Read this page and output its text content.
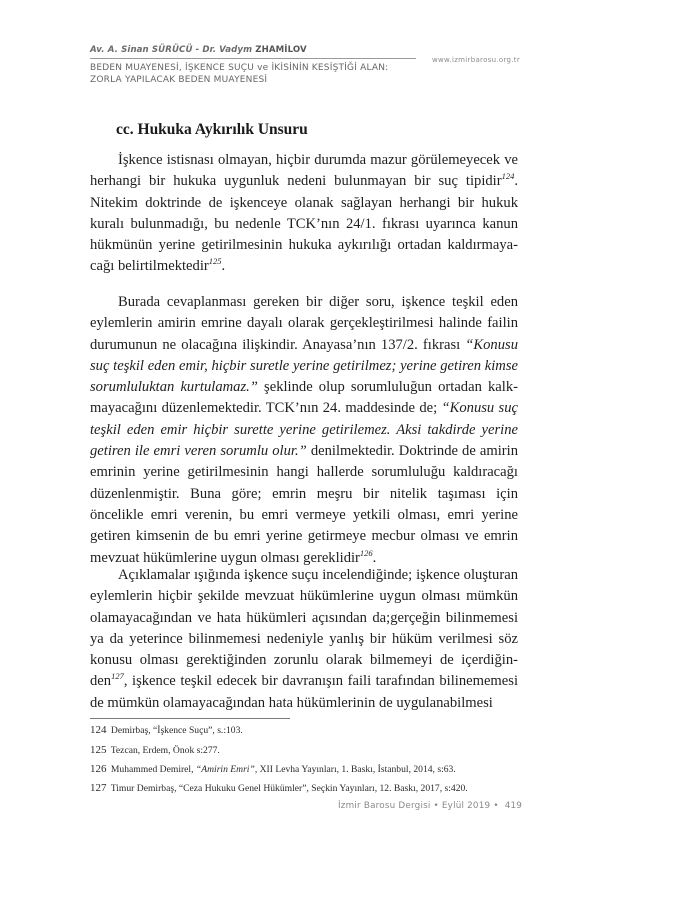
Av. A. Sinan SÜRÜCÜ - Dr. Vadym ZHAMİLOV
www.izmirbarosu.org.tr
BEDEN MUAYENESİ, İŞKENCE SUÇU ve İKİSİNİN KESİŞTİĞİ ALAN:
ZORLA YAPILACAK BEDEN MUAYENESİ
cc. Hukuka Aykırılık Unsuru
İşkence istisnası olmayan, hiçbir durumda mazur görülemeyecek ve herhangi bir hukuka uygunluk nedeni bulunmayan bir suç tipidir$^{124}$. Nitekim doktrinde de işkenceye olanak sağlayan herhangi bir hukuk kuralı bulunmadığı, bu nedenle TCK’nın 24/1. fıkrası uyarınca kanun hükmünün yerine getirilmesinin hukuka aykırılığı ortadan kaldırmayacağı belirtilmektedir$^{125}$.
Burada cevaplanması gereken bir diğer soru, işkence teşkil eden eylemlerin amirin emrine dayalı olarak gerçekleştirilmesi halinde failin durumunun ne olacağına ilişkindir. Anayasa’nın 137/2. fıkrası “Konusu suç teşkil eden emir, hiçbir suretle yerine getirilmez; yerine getiren kimse sorumluluktan kurtulamaz.” şeklinde olup sorumluluğun ortadan kalkmayacağını düzenlemektedir. TCK’nın 24. maddesinde de; “Konusu suç teşkil eden emir hiçbir surette yerine getirilemez. Aksi takdirde yerine getiren ile emri veren sorumlu olur.” denilmektedir. Doktrinde de amirin emrinin yerine getirilmesinin hangi hallerde sorumluluğu kaldıracağı düzenlenmiştir. Buna göre; emrin meşru bir nitelik taşıması için öncelikle emri verenin, bu emri vermeye yetkili olması, emri yerine getiren kimsenin de bu emri yerine getirmeye mecbur olması ve emrin mevzuat hükümlerine uygun olması gereklidir$^{126}$.
Açıklamalar ışığında işkence suçu incelendiğinde; işkence oluşturan eylemlerin hiçbir şekilde mevzuat hükümlerine uygun olması mümkün olamayacağından ve hata hükümleri açısından da;gerçeğin bilinmemesi ya da yeterince bilinmemesi nedeniyle yanlış bir hüküm verilmesi söz konusu olması gerektiğinden zorunlu olarak bilmemeyi de içerdiğinden$^{127}$, işkence teşkil edecek bir davranışın faili tarafından bilinememesi de mümkün olamayacağından hata hükümlerinin de uygulanabilmesi
124 Demirbaş, “İşkence Suçu”, s.:103.
125 Tezcan, Erdem, Önok s:277.
126 Muhammed Demirel, “Amirin Emri”, XII Levha Yayınları, 1. Baskı, İstanbul, 2014, s:63.
127 Timur Demirbaş, “Ceza Hukuku Genel Hükümler”, Seçkin Yayınları, 12. Baskı, 2017, s:420.
İzmir Barosu Dergisi • Eylül 2019 • 419
